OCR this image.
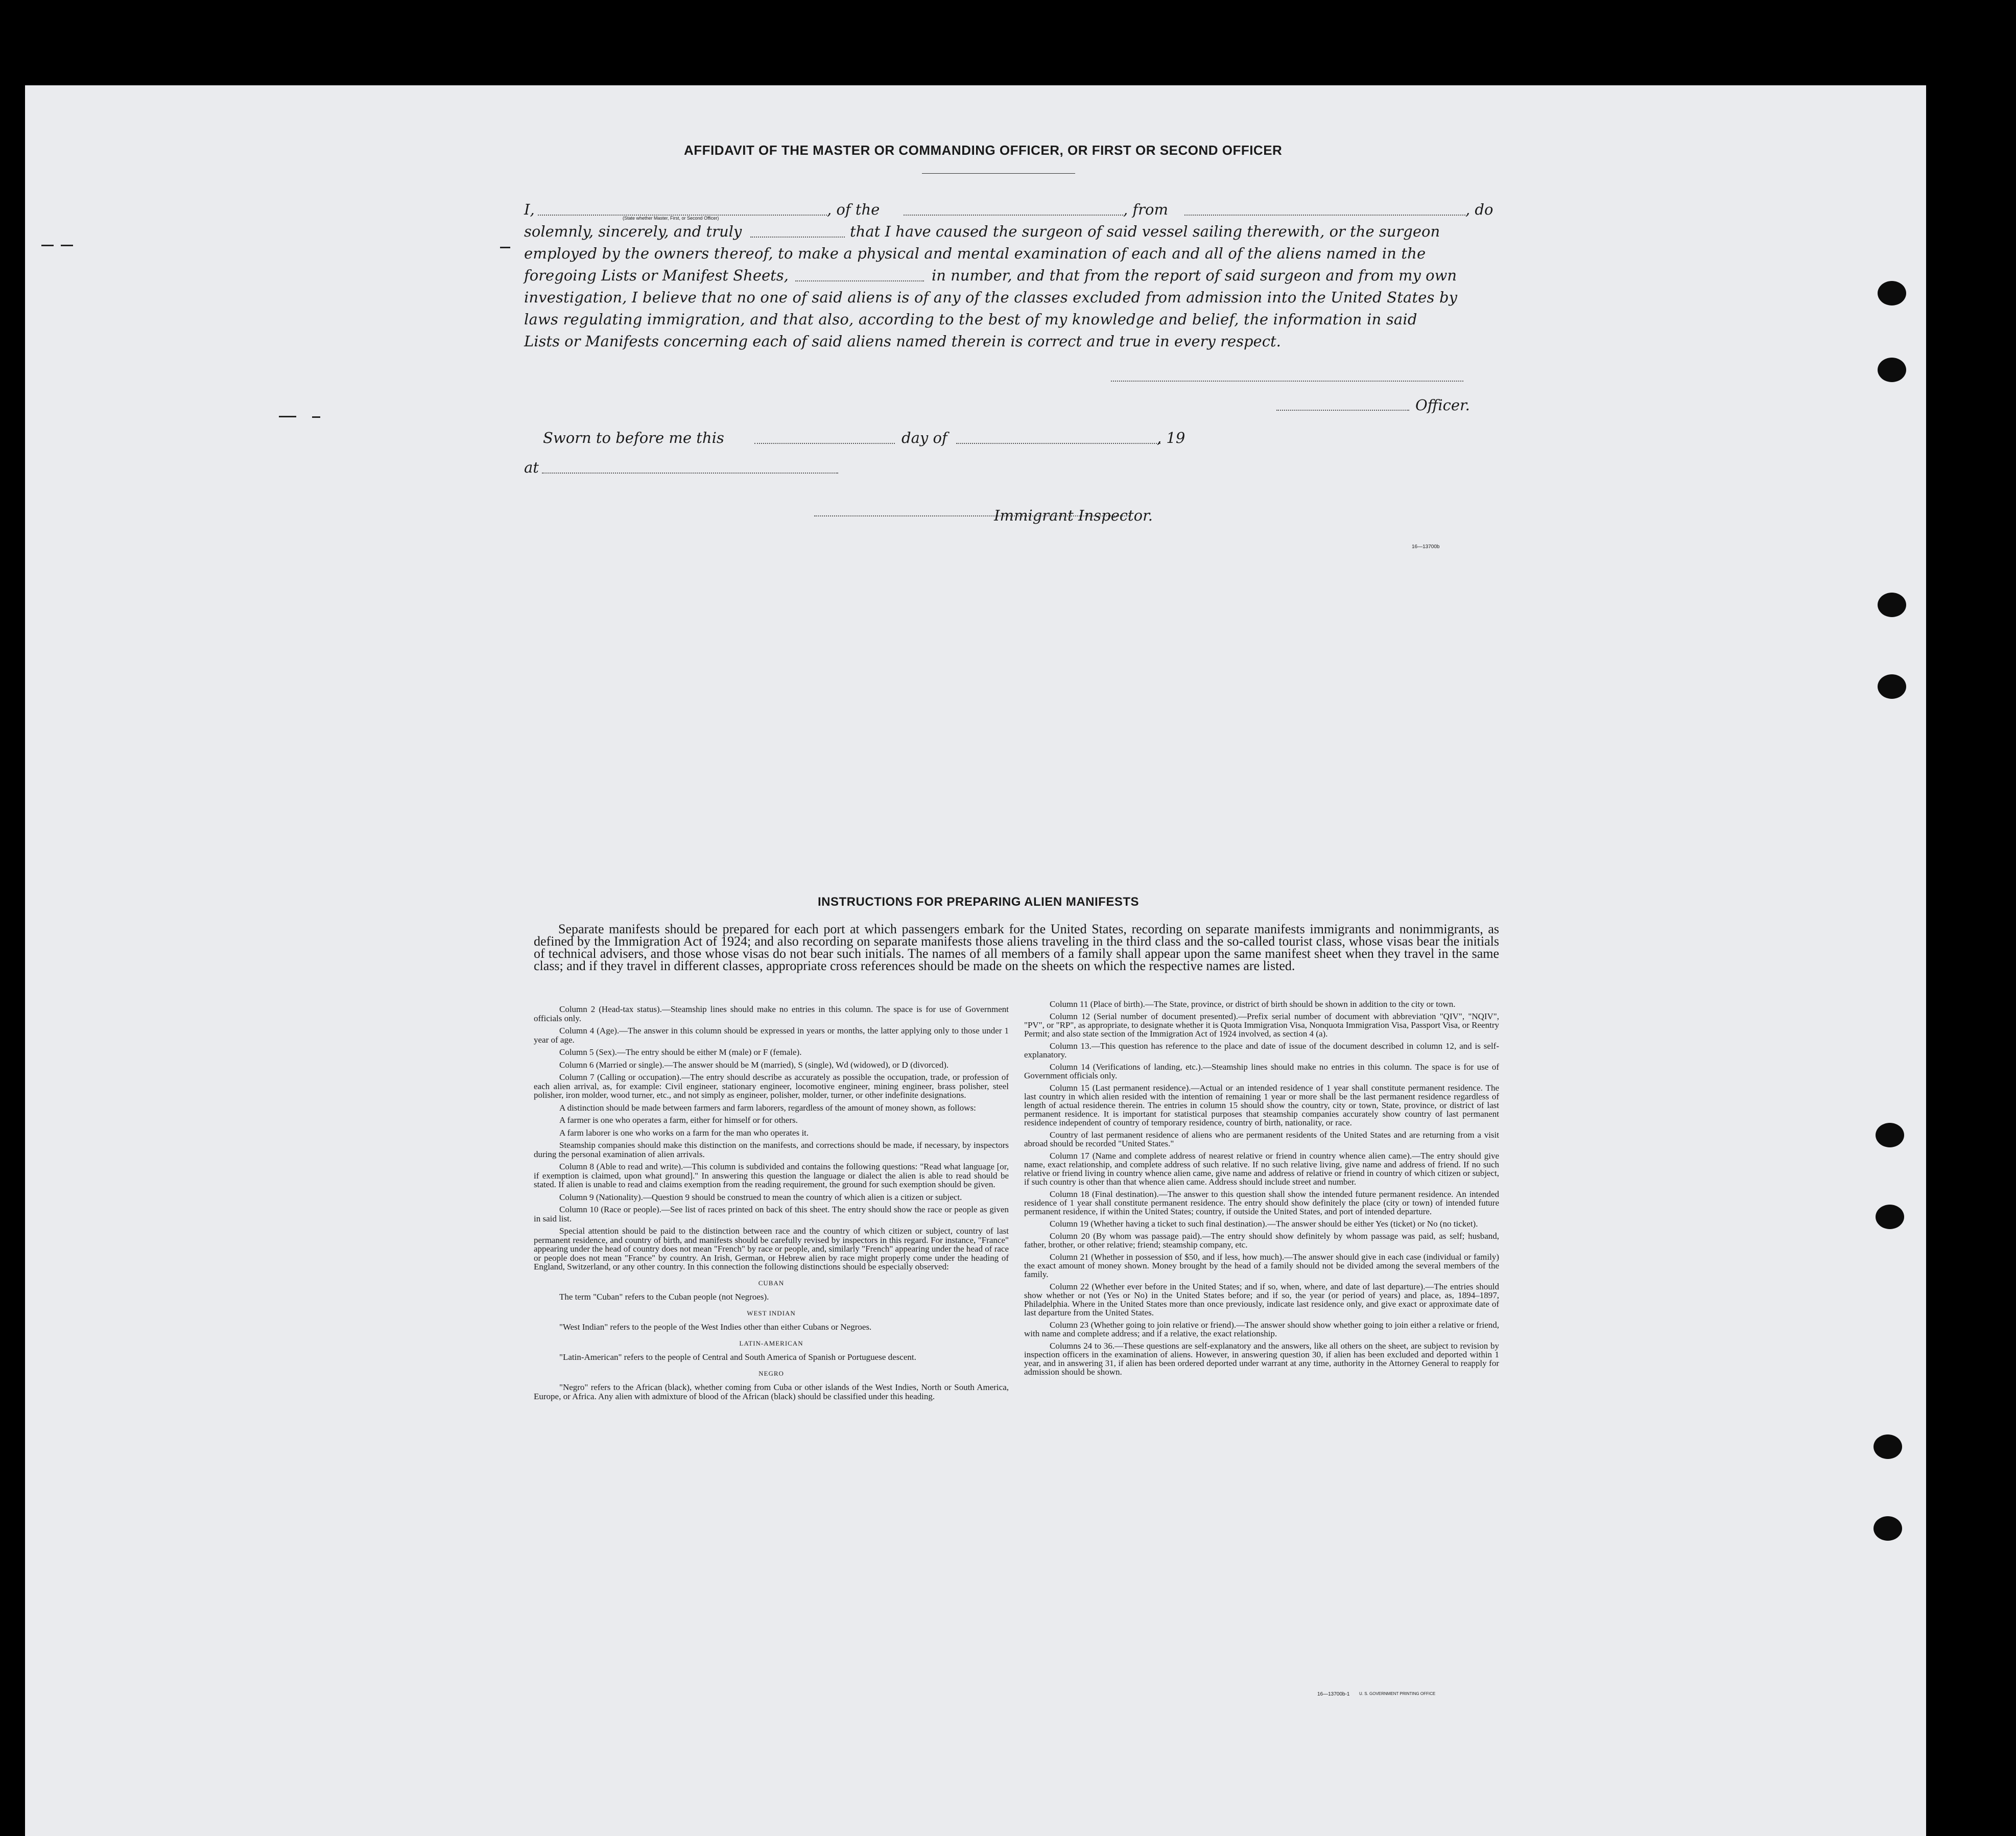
AFFIDAVIT OF THE MASTER OR COMMANDING OFFICER, OR FIRST OR SECOND OFFICER
I,	, of the	, from	, do
(State whether Master, First, or Second Officer)
solemnly, sincerely, and truly	that I have caused the surgeon of said vessel sailing therewith, or the surgeon
employed by the owners thereof, to make a physical and mental examination of each and all of the aliens named in the
foregoing Lists or Manifest Sheets,	in number, and that from the report of said surgeon and from my own
investigation, I believe that no one of said aliens is of any of the classes excluded from admission into the United States by
laws regulating immigration, and that also, according to the best of my knowledge and belief, the information in said
Lists or Manifests concerning each of said aliens named therein is correct and true in every respect.
Officer.
Sworn to before me this	day of	, 19
at
Immigrant Inspector.
16—13700b
INSTRUCTIONS FOR PREPARING ALIEN MANIFESTS
Separate manifests should be prepared for each port at which passengers embark for the United States, recording on separate manifests immigrants and nonimmigrants, as defined by the Immigration Act of 1924; and also recording on separate manifests those aliens traveling in the third class and the so-called tourist class, whose visas bear the initials of technical advisers, and those whose visas do not bear such initials. The names of all members of a family shall appear upon the same manifest sheet when they travel in the same class; and if they travel in different classes, appropriate cross references should be made on the sheets on which the respective names are listed.

Column 2 (Head-tax status).—Steamship lines should make no entries in this column. The space is for use of Government officials only.

Column 4 (Age).—The answer in this column should be expressed in years or months, the latter applying only to those under 1 year of age.

Column 5 (Sex).—The entry should be either M (male) or F (female).

Column 6 (Married or single).—The answer should be M (married), S (single), Wd (widowed), or D (divorced).

Column 7 (Calling or occupation).—The entry should describe as accurately as possible the occupation, trade, or profession of each alien arrival, as, for example: Civil engineer, stationary engineer, locomotive engineer, mining engineer, brass polisher, steel polisher, iron molder, wood turner, etc., and not simply as engineer, polisher, molder, turner, or other indefinite designations.

A distinction should be made between farmers and farm laborers, regardless of the amount of money shown, as follows:

A farmer is one who operates a farm, either for himself or for others.

A farm laborer is one who works on a farm for the man who operates it.

Steamship companies should make this distinction on the manifests, and corrections should be made, if necessary, by inspectors during the personal examination of alien arrivals.

Column 8 (Able to read and write).—This column is subdivided and contains the following questions: "Read what language [or, if exemption is claimed, upon what ground]." In answering this question the language or dialect the alien is able to read should be stated. If alien is unable to read and claims exemption from the reading requirement, the ground for such exemption should be given.

Column 9 (Nationality).—Question 9 should be construed to mean the country of which alien is a citizen or subject.

Column 10 (Race or people).—See list of races printed on back of this sheet. The entry should show the race or people as given in said list.

Special attention should be paid to the distinction between race and the country of which citizen or subject, country of last permanent residence, and country of birth, and manifests should be carefully revised by inspectors in this regard. For instance, "France" appearing under the head of country does not mean "French" by race or people, and, similarly "French" appearing under the head of race or people does not mean "France" by country. An Irish, German, or Hebrew alien by race might properly come under the heading of England, Switzerland, or any other country. In this connection the following distinctions should be especially observed:

CUBAN

The term "Cuban" refers to the Cuban people (not Negroes).

WEST INDIAN

"West Indian" refers to the people of the West Indies other than either Cubans or Negroes.

LATIN-AMERICAN

"Latin-American" refers to the people of Central and South America of Spanish or Portuguese descent.

NEGRO

"Negro" refers to the African (black), whether coming from Cuba or other islands of the West Indies, North or South America, Europe, or Africa. Any alien with admixture of blood of the African (black) should be classified under this heading.

Column 11 (Place of birth).—The State, province, or district of birth should be shown in addition to the city or town.

Column 12 (Serial number of document presented).—Prefix serial number of document with abbreviation "QIV", "NQIV", "PV", or "RP", as appropriate, to designate whether it is Quota Immigration Visa, Nonquota Immigration Visa, Passport Visa, or Reentry Permit; and also state section of the Immigration Act of 1924 involved, as section 4 (a).

Column 13.—This question has reference to the place and date of issue of the document described in column 12, and is self-explanatory.

Column 14 (Verifications of landing, etc.).—Steamship lines should make no entries in this column. The space is for use of Government officials only.

Column 15 (Last permanent residence).—Actual or an intended residence of 1 year shall constitute permanent residence. The last country in which alien resided with the intention of remaining 1 year or more shall be the last permanent residence regardless of length of actual residence therein. The entries in column 15 should show the country, city or town, State, province, or district of last permanent residence. It is important for statistical purposes that steamship companies accurately show country of last permanent residence independent of country of temporary residence, country of birth, nationality, or race.

Country of last permanent residence of aliens who are permanent residents of the United States and are returning from a visit abroad should be recorded "United States."

Column 17 (Name and complete address of nearest relative or friend in country whence alien came).—The entry should give name, exact relationship, and complete address of such relative. If no such relative living, give name and address of friend. If no such relative or friend living in country whence alien came, give name and address of relative or friend in country of which citizen or subject, if such country is other than that whence alien came. Address should include street and number.

Column 18 (Final destination).—The answer to this question shall show the intended future permanent residence. An intended residence of 1 year shall constitute permanent residence. The entry should show definitely the place (city or town) of intended future permanent residence, if within the United States; country, if outside the United States, and port of intended departure.

Column 19 (Whether having a ticket to such final destination).—The answer should be either Yes (ticket) or No (no ticket).

Column 20 (By whom was passage paid).—The entry should show definitely by whom passage was paid, as self; husband, father, brother, or other relative; friend; steamship company, etc.

Column 21 (Whether in possession of $50, and if less, how much).—The answer should give in each case (individual or family) the exact amount of money shown. Money brought by the head of a family should not be divided among the several members of the family.

Column 22 (Whether ever before in the United States; and if so, when, where, and date of last departure).—The entries should show whether or not (Yes or No) in the United States before; and if so, the year (or period of years) and place, as, 1894–1897, Philadelphia. Where in the United States more than once previously, indicate last residence only, and give exact or approximate date of last departure from the United States.

Column 23 (Whether going to join relative or friend).—The answer should show whether going to join either a relative or friend, with name and complete address; and if a relative, the exact relationship.

Columns 24 to 36.—These questions are self-explanatory and the answers, like all others on the sheet, are subject to revision by inspection officers in the examination of aliens. However, in answering question 30, if alien has been excluded and deported within 1 year, and in answering 31, if alien has been ordered deported under warrant at any time, authority in the Attorney General to reapply for admission should be shown.

16—13700b-1 U. S. GOVERNMENT PRINTING OFFICE
